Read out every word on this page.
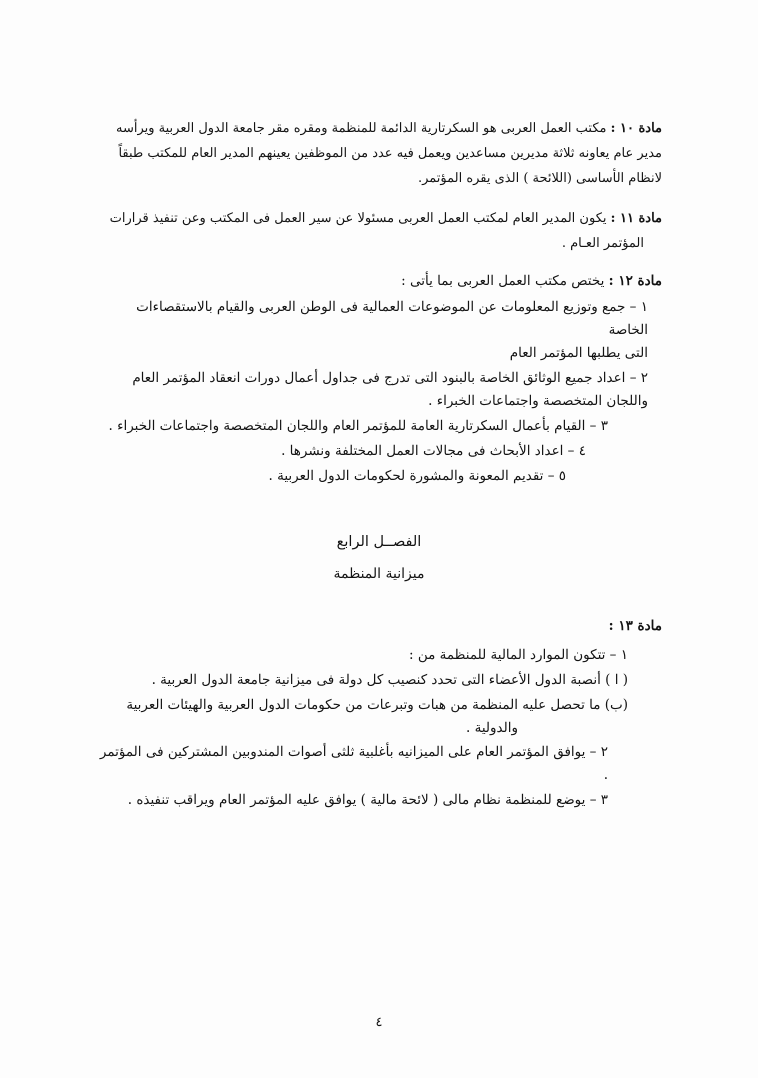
مادة ١٠ : مكتب العمل العربى هو السكرتارية الدائمة للمنظمة ومقره مقر جامعة الدول العربية ويرأسه

مدير عام يعاونه ثلاثة مديرين مساعدين ويعمل فيه عدد من الموظفين يعينهم المدير العام للمكتب طبقاً

لانظام الأساسى (اللائحة ) الذى يقره المؤتمر.

مادة ١١ : يكون المدير العام لمكتب العمل العربى مسئولا عن سير العمل فى المكتب وعن تنفيذ قرارات

المؤتمر العـام .

مادة ١٢ : يختص مكتب العمل العربى بما يأتى :

١ – جمع وتوزيع المعلومات عن الموضوعات العمالية فى الوطن العربى والقيام بالاستقصاءات الخاصة
التى يطلبها المؤتمر العام
٢ – اعداد جميع الوثائق الخاصة بالبنود التى تدرج فى جداول أعمال دورات انعقاد المؤتمر العام
واللجان المتخصصة واجتماعات الخبراء .
٣ – القيام بأعمال السكرتارية العامة للمؤتمر العام واللجان المتخصصة واجتماعات الخبراء .
٤ – اعداد الأبحاث فى مجالات العمل المختلفة ونشرها .
٥ – تقديم المعونة والمشورة لحكومات الدول العربية .
الفصــل الرابع
ميزانية المنظمة

مادة ١٣ :

١ – تتكون الموارد المالية للمنظمة من :
( ا ) أنصبة الدول الأعضاء التى تحدد كنصيب كل دولة فى ميزانية جامعة الدول العربية .
(ب) ما تحصل عليه المنظمة من هبات وتبرعات من حكومات الدول العربية والهيئات العربية
والدولية .
٢ – يوافق المؤتمر العام على الميزانيه بأغلبية ثلثى أصوات المندوبين المشتركين فى المؤتمر .
٣ – يوضع للمنظمة نظام مالى ( لائحة مالية ) يوافق عليه المؤتمر العام ويراقب تنفيذه .
٤
